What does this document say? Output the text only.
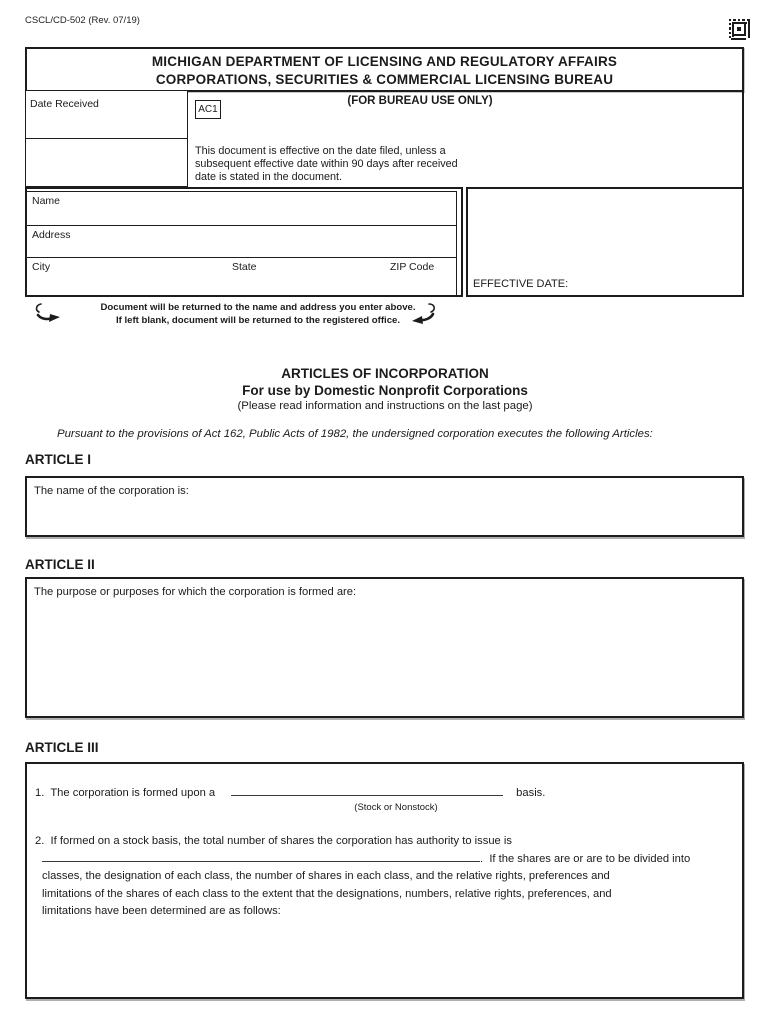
CSCL/CD-502 (Rev. 07/19)
MICHIGAN DEPARTMENT OF LICENSING AND REGULATORY AFFAIRS
CORPORATIONS, SECURITIES & COMMERCIAL LICENSING BUREAU
Date Received	(FOR BUREAU USE ONLY)
AC1
This document is effective on the date filed, unless a
subsequent effective date within 90 days after received
date is stated in the document.
Name
Address
City	State	ZIP Code
EFFECTIVE DATE:
Document will be returned to the name and address you enter above.
If left blank, document will be returned to the registered office.
ARTICLES OF INCORPORATION
For use by Domestic Nonprofit Corporations
(Please read information and instructions on the last page)
Pursuant to the provisions of Act 162, Public Acts of 1982, the undersigned corporation executes the following Articles:
ARTICLE I
The name of the corporation is:
ARTICLE II
The purpose or purposes for which the corporation is formed are:
ARTICLE III
1.  The corporation is formed upon a	basis.
(Stock or Nonstock)
2.  If formed on a stock basis, the total number of shares the corporation has authority to issue is
.  If the shares are or are to be divided into
classes, the designation of each class, the number of shares in each class, and the relative rights, preferences and
limitations of the shares of each class to the extent that the designations, numbers, relative rights, preferences, and
limitations have been determined are as follows:
